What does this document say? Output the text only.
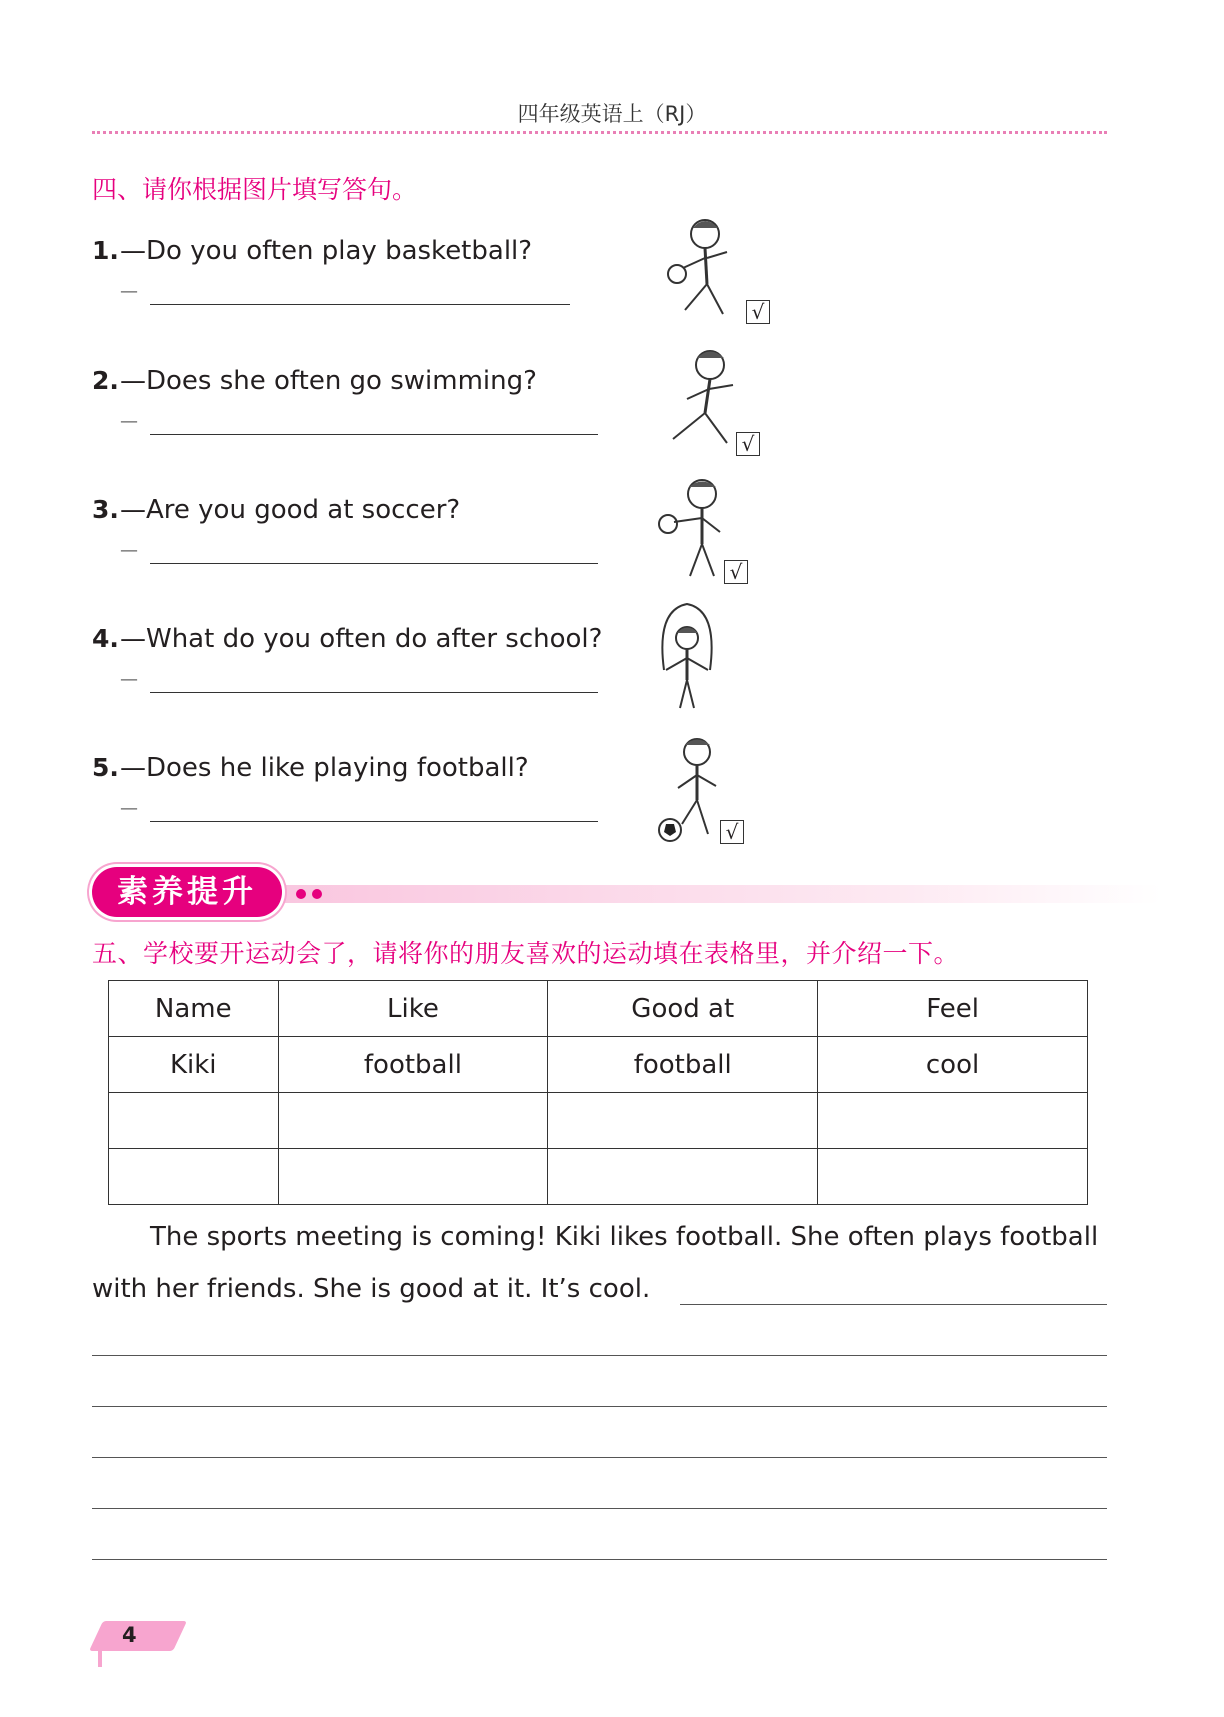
四年级英语上（RJ）
四、请你根据图片填写答句。
1. —Do you often play basketball?
—
√
2. —Does she often go swimming?
—
√
3. —Are you good at soccer?
—
√
4. —What do you often do after school?
—
5. —Does he like playing football?
—
√
素养提升
五、学校要开运动会了，请将你的朋友喜欢的运动填在表格里，并介绍一下。
Name	Like	Good at	Feel
Kiki	football	football	cool

The sports meeting is coming! Kiki likes football. She often plays football
with her friends. She is good at it. It’s cool.
4
